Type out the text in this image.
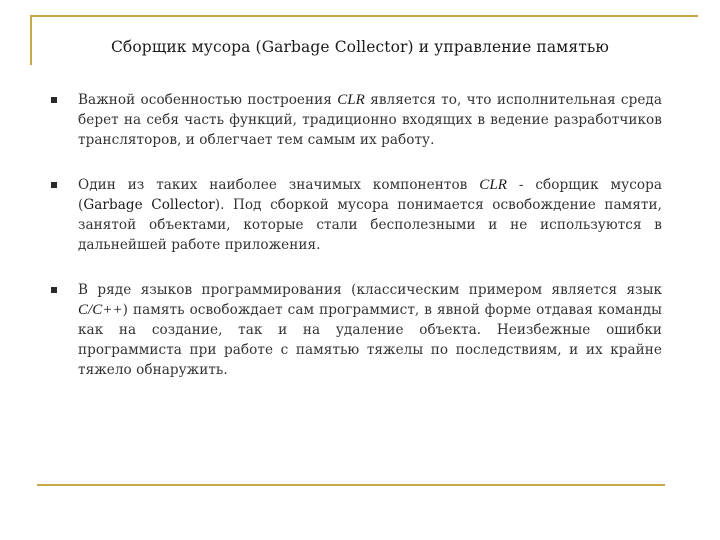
Сборщик мусора (Garbage Collector) и управление памятью
Важной особенностью построения CLR является то, что исполнительная среда берет на себя часть функций, традиционно входящих в ведение разработчиков трансляторов, и облегчает тем самым их работу.
Один из таких наиболее значимых компонентов CLR - сборщик мусора (Garbage Collector). Под сборкой мусора понимается освобождение памяти, занятой объектами, которые стали бесполезными и не используются в дальнейшей работе приложения.
В ряде языков программирования (классическим примером является язык C/C++) память освобождает сам программист, в явной форме отдавая команды как на создание, так и на удаление объекта. Неизбежные ошибки программиста при работе с памятью тяжелы по последствиям, и их крайне тяжело обнаружить.
